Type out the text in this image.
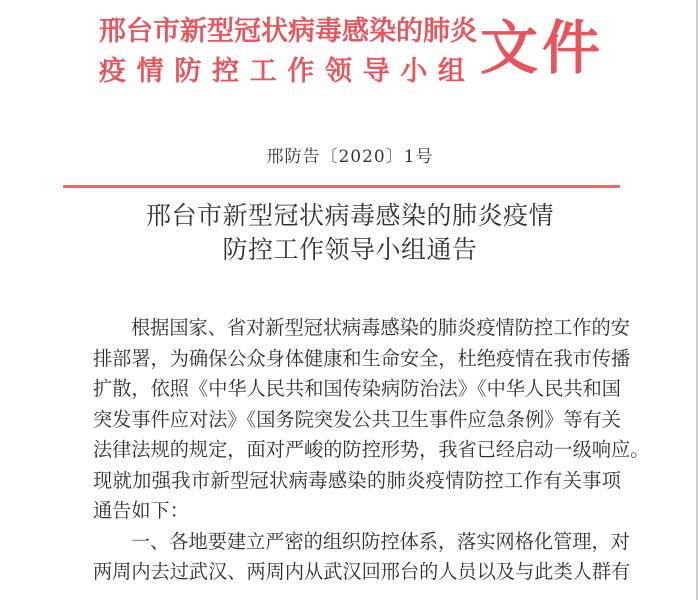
邢 台 市 新 型 冠 状 病 毒 感 染 的 肺 炎
疫 情 防 控 工 作 领 导 小 组 文件
邢防告〔2020〕1号
邢台市新型冠状病毒感染的肺炎疫情
防控工作领导小组通告
根据国家、省对新型冠状病毒感染的肺炎疫情防控工作的安
排部署，为确保公众身体健康和生命安全，杜绝疫情在我市传播
扩散，依照《中华人民共和国传染病防治法》《中华人民共和国
突发事件应对法》《国务院突发公共卫生事件应急条例》等有关
法律法规的规定，面对严峻的防控形势，我省已经启动一级响应。
现就加强我市新型冠状病毒感染的肺炎疫情防控工作有关事项
通告如下：
一、各地要建立严密的组织防控体系，落实网格化管理，对
两周内去过武汉、两周内从武汉回邢台的人员以及与此类人群有
